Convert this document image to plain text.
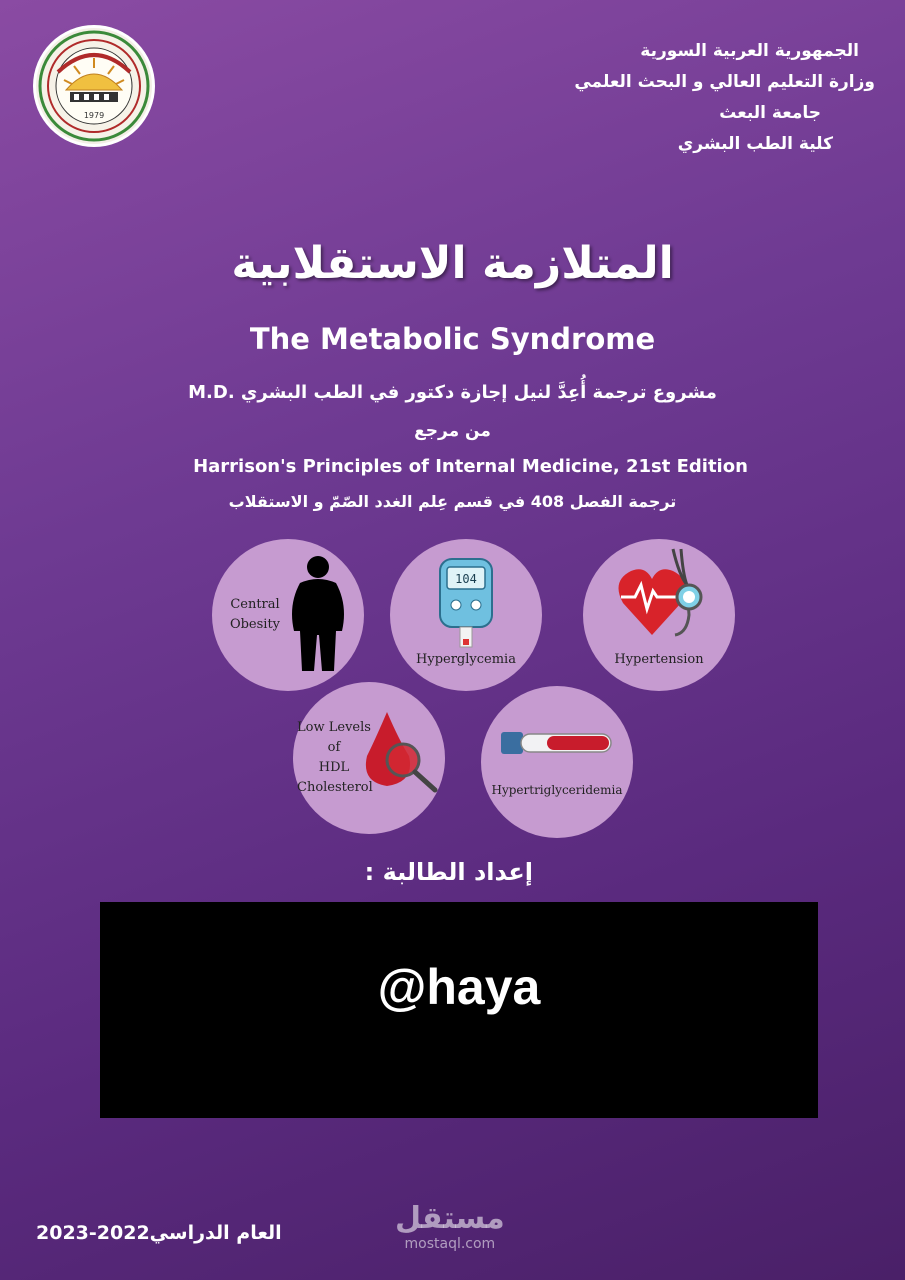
1979
الجمهورية العربية السورية
وزارة التعليم العالي و البحث العلمي
جامعة البعث
كلية الطب البشري
المتلازمة الاستقلابية
The Metabolic Syndrome
مشروع ترجمة أُعِدَّ لنيل إجازة دكتور في الطب البشري .M.D
من مرجع
Harrison's Principles of Internal Medicine, 21st Edition
ترجمة الفصل 408 في قسم عِلم الغدد الصّمّ و الاستقلاب
Central
Obesity
104
Hyperglycemia	Hypertension
Low Levels
of
HDL
Cholesterol	Hypertriglyceridemia
إعداد الطالبة :
@haya
مستقل
mostaql.com
العام الدراسي2022-2023
